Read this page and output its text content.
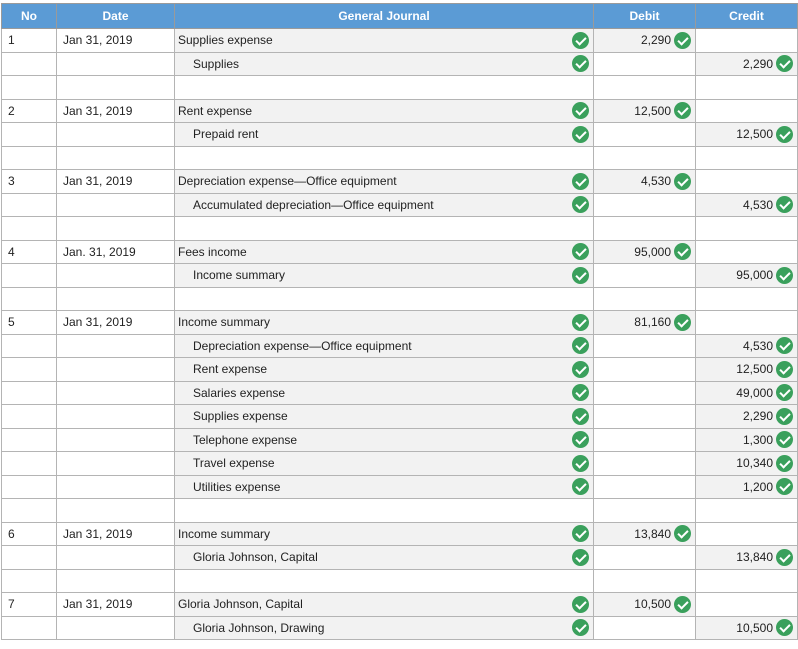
No	Date	General Journal	Debit	Credit
1	Jan 31, 2019	Supplies expense	2,290	

		Supplies		2,290

2	Jan 31, 2019	Rent expense	12,500	

		Prepaid rent		12,500

3	Jan 31, 2019	Depreciation expense—Office equipment	4,530	

		Accumulated depreciation—Office equipment		4,530

4	Jan. 31, 2019	Fees income	95,000	

		Income summary		95,000

5	Jan 31, 2019	Income summary	81,160	

		Depreciation expense—Office equipment		4,530

		Rent expense		12,500

		Salaries expense		49,000

		Supplies expense		2,290

		Telephone expense		1,300

		Travel expense		10,340

		Utilities expense		1,200

6	Jan 31, 2019	Income summary	13,840	

		Gloria Johnson, Capital		13,840

7	Jan 31, 2019	Gloria Johnson, Capital	10,500	

		Gloria Johnson, Drawing		10,500
